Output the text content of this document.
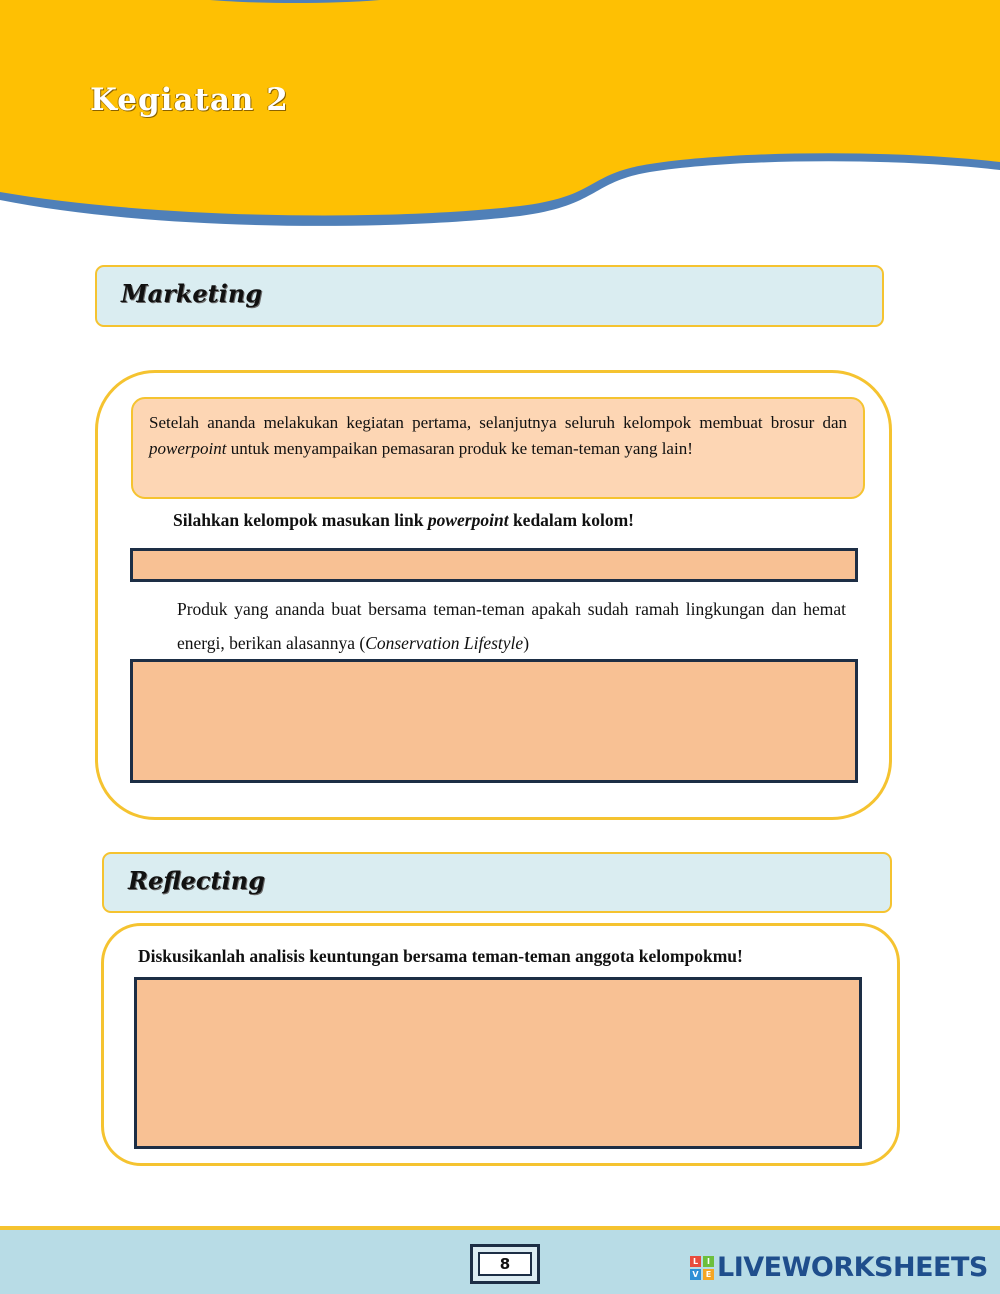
Kegiatan 2
Marketing
Setelah ananda melakukan kegiatan pertama, selanjutnya seluruh kelompok membuat brosur dan powerpoint untuk menyampaikan pemasaran produk ke teman-teman yang lain!

Silahkan kelompok masukan link powerpoint kedalam kolom!

Produk yang ananda buat bersama teman-teman apakah sudah ramah lingkungan dan hemat energi, berikan alasannya (Conservation Lifestyle)

Reflecting

Diskusikanlah analisis keuntungan bersama teman-teman anggota kelompokmu!

8	L	I
V E LIVEWORKSHEETS
